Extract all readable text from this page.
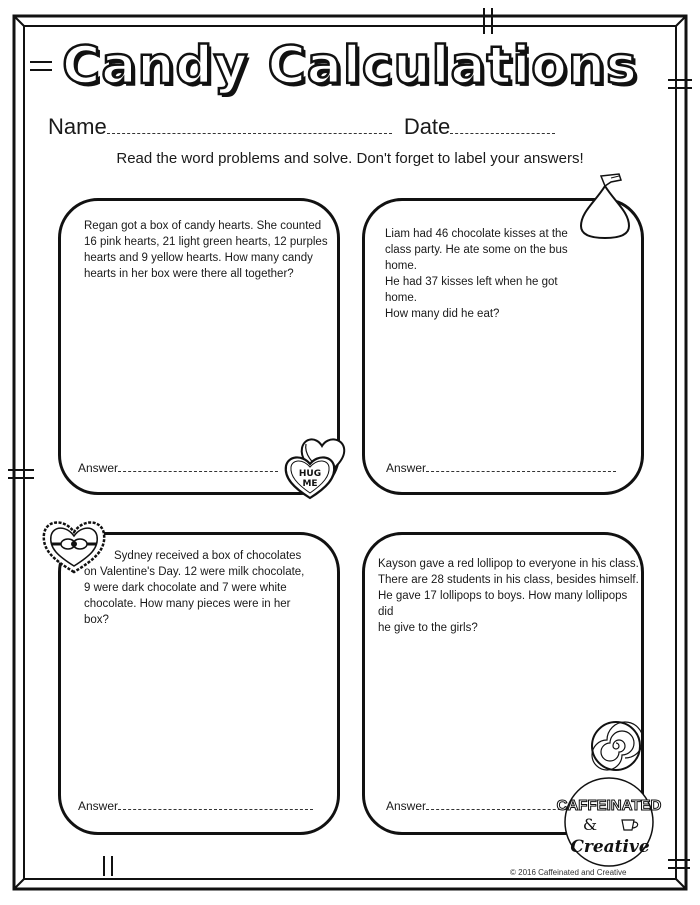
Candy Calculations
Name	Date
Read the word problems and solve. Don't forget to label your answers!
Regan got a box of candy hearts. She counted
16 pink hearts, 21 light green hearts, 12 purples
hearts and 9 yellow hearts. How many candy
hearts in her box were there all together?
Answer
Liam had 46 chocolate kisses at the
class party. He ate some on the bus home.
He had 37 kisses left when he got home.
How many did he eat?
Answer
Sydney received a box of chocolates
on Valentine's Day. 12 were milk chocolate,
9 were dark chocolate and 7 were white
chocolate. How many pieces were in her
box?
Answer
Kayson gave a red lollipop to everyone in his class.
There are 28 students in his class, besides himself.
He gave 17 lollipops to boys. How many lollipops did
he give to the girls?
Answer
HUG
ME
CAFFEINATED
&
Creative
© 2016 Caffeinated and Creative
